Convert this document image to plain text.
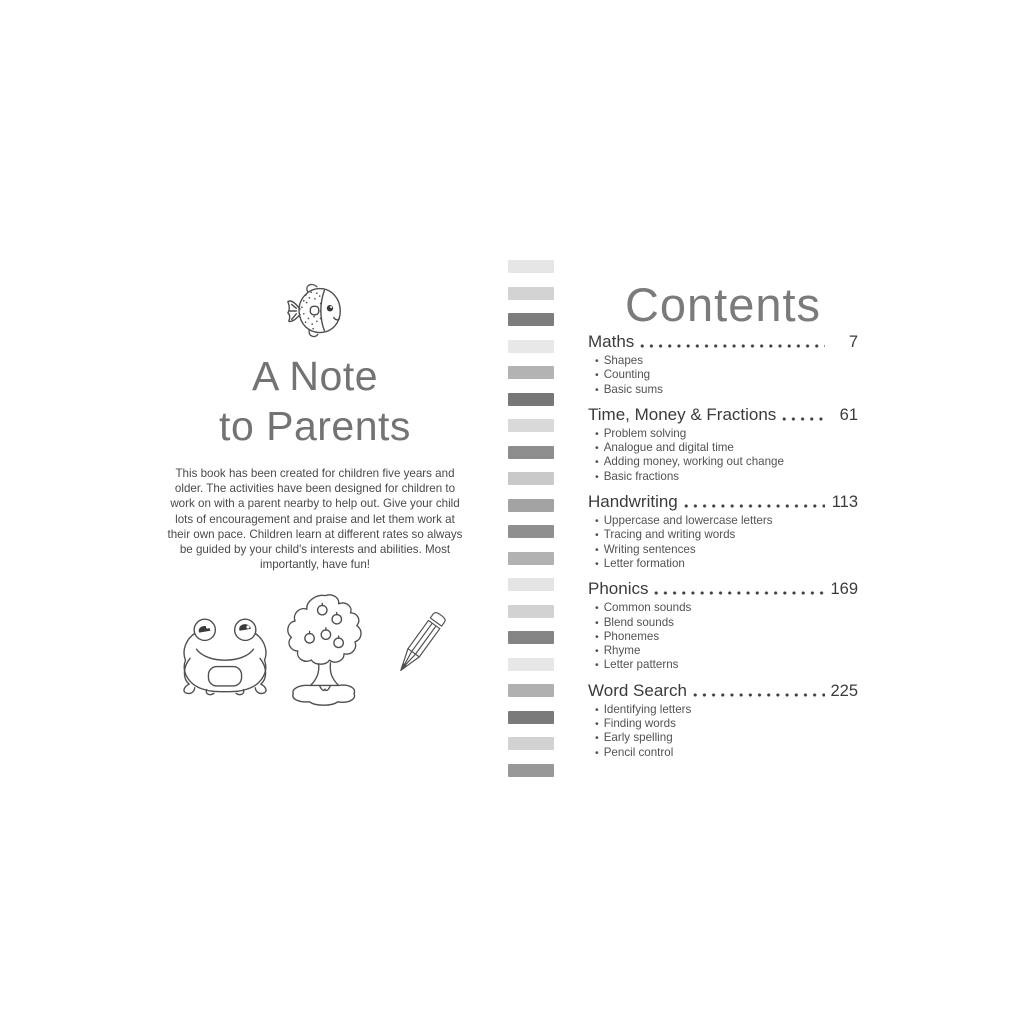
A Note
to Parents
This book has been created for children five years and
older. The activities have been designed for children to
work on with a parent nearby to help out. Give your child
lots of encouragement and praise and let them work at
their own pace. Children learn at different rates so always
be guided by your child's interests and abilities. Most
importantly, have fun!
Contents
Maths	7
• Shapes
• Counting
• Basic sums
Time, Money & Fractions	61
• Problem solving
• Analogue and digital time
• Adding money, working out change
• Basic fractions
Handwriting	113
• Uppercase and lowercase letters
• Tracing and writing words
• Writing sentences
• Letter formation
Phonics	169
• Common sounds
• Blend sounds
• Phonemes
• Rhyme
• Letter patterns
Word Search	225
• Identifying letters
• Finding words
• Early spelling
• Pencil control
